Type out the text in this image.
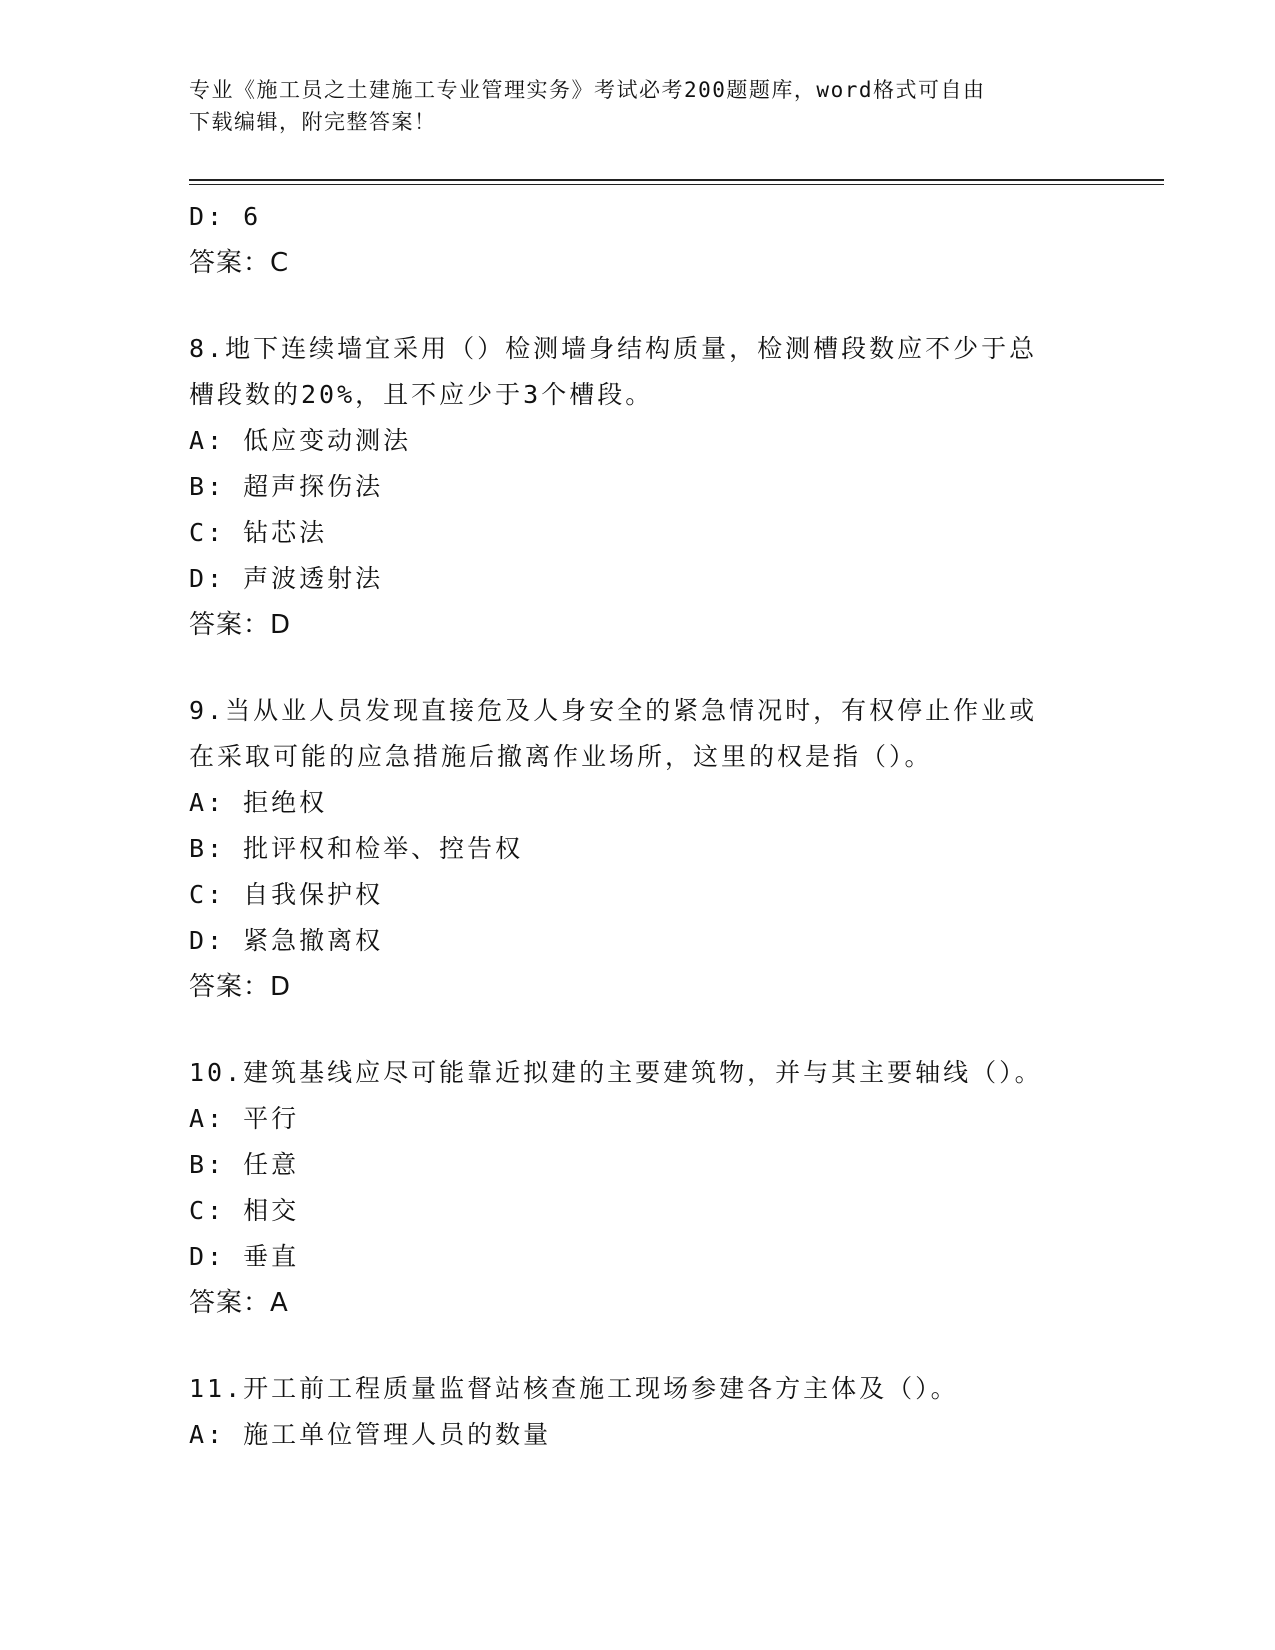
专业《施工员之土建施工专业管理实务》考试必考200题题库，word格式可自由
下载编辑，附完整答案！
D: 6
答案：C
8.地下连续墙宜采用（）检测墙身结构质量，检测槽段数应不少于总
槽段数的20%，且不应少于3个槽段。
A: 低应变动测法
B: 超声探伤法
C: 钻芯法
D: 声波透射法
答案：D
9.当从业人员发现直接危及人身安全的紧急情况时，有权停止作业或
在采取可能的应急措施后撤离作业场所，这里的权是指（）。
A: 拒绝权
B: 批评权和检举、控告权
C: 自我保护权
D: 紧急撤离权
答案：D
10.建筑基线应尽可能靠近拟建的主要建筑物，并与其主要轴线（）。
A: 平行
B: 任意
C: 相交
D: 垂直
答案：A
11.开工前工程质量监督站核查施工现场参建各方主体及（）。
A: 施工单位管理人员的数量
